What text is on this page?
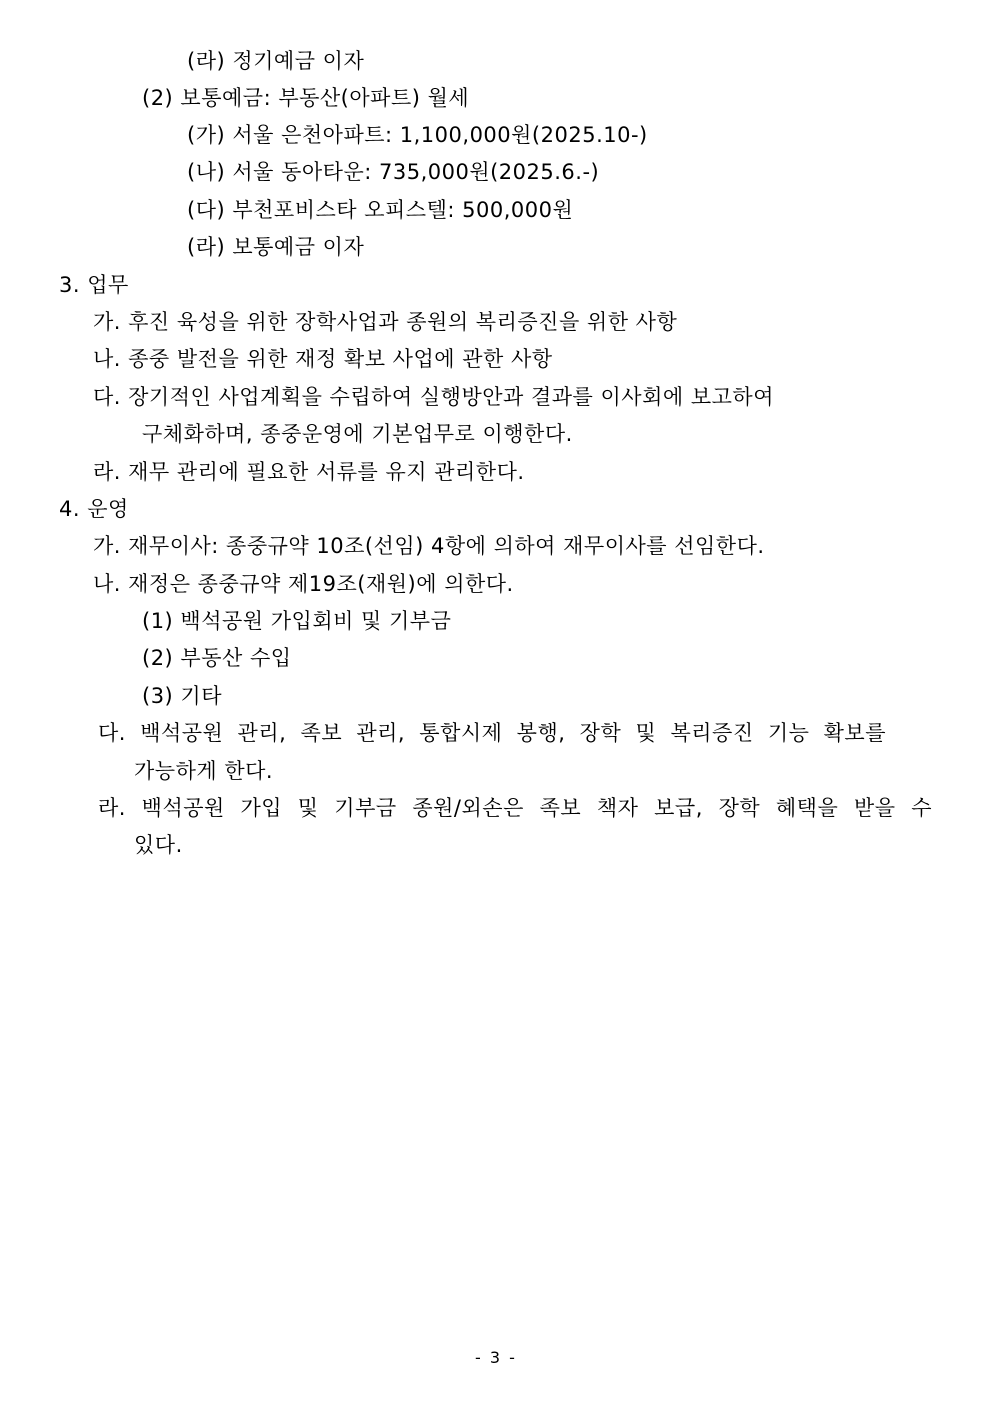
(라) 정기예금 이자
(2) 보통예금: 부동산(아파트) 월세
(가) 서울 은천아파트: 1,100,000원(2025.10-)
(나) 서울 동아타운: 735,000원(2025.6.-)
(다) 부천포비스타 오피스텔: 500,000원
(라) 보통예금 이자
3. 업무
가. 후진 육성을 위한 장학사업과 종원의 복리증진을 위한 사항
나. 종중 발전을 위한 재정 확보 사업에 관한 사항
다. 장기적인 사업계획을 수립하여 실행방안과 결과를 이사회에 보고하여
구체화하며, 종중운영에 기본업무로 이행한다.
라. 재무 관리에 필요한 서류를 유지 관리한다.
4. 운영
가. 재무이사: 종중규약 10조(선임) 4항에 의하여 재무이사를 선임한다.
나. 재정은 종중규약 제19조(재원)에 의한다.
(1) 백석공원 가입회비 및 기부금
(2) 부동산 수입
(3) 기타
다. 백석공원 관리, 족보 관리, 통합시제 봉행, 장학 및 복리증진 기능 확보를
가능하게 한다.
라. 백석공원 가입 및 기부금 종원/외손은 족보 책자 보급, 장학 혜택을 받을 수
있다.
- 3 -
